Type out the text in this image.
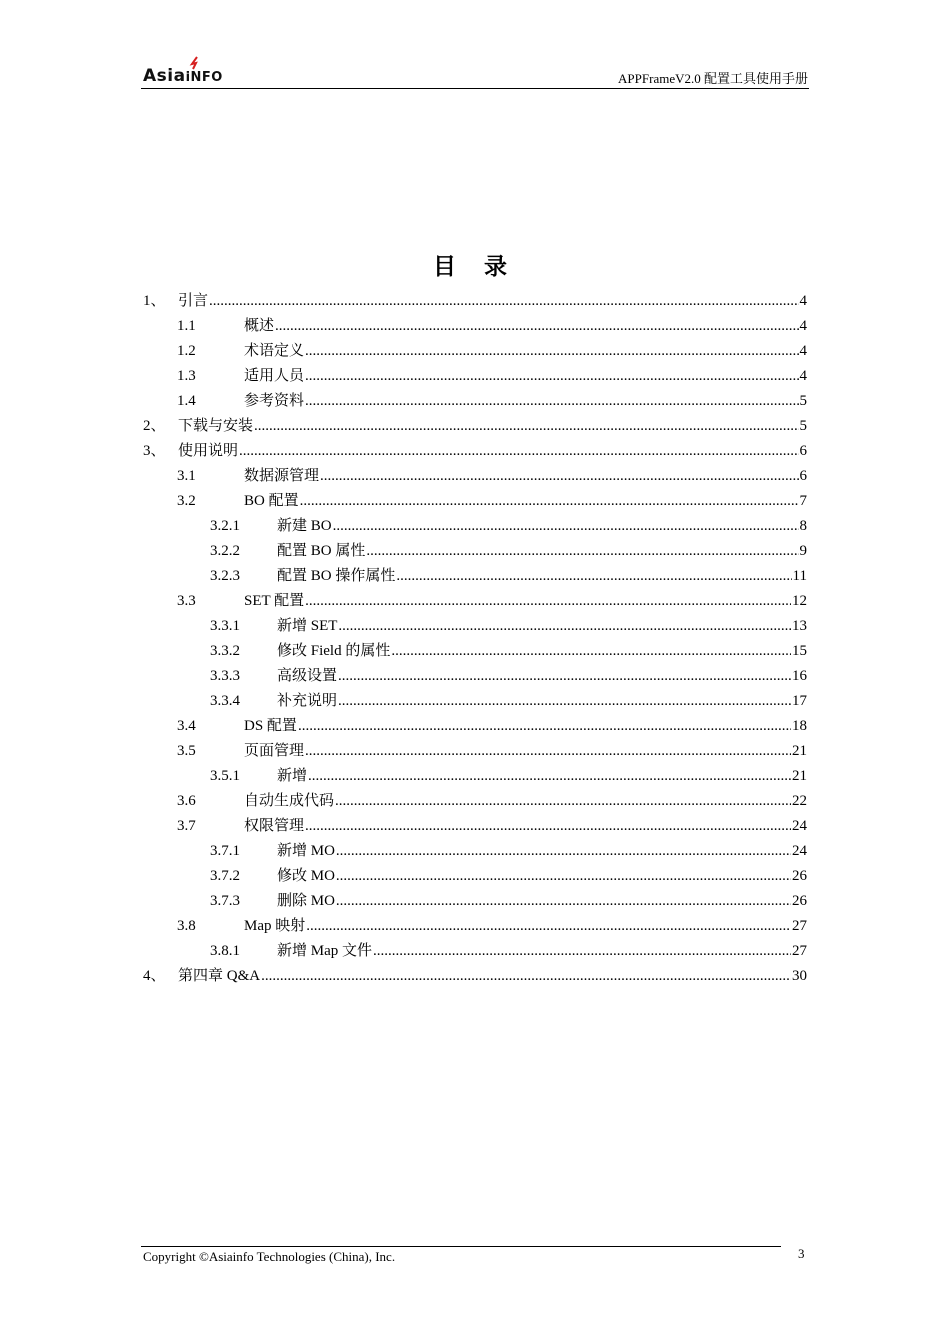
AsiaiNFO	APPFrameV2.0 配置工具使用手册
目 录
1、 引言 .....	4
1.1	概述 .....	4
1.2	术语定义 .....	4
1.3	适用人员 .....	4
1.4	参考资料 .....	5
2、 下载与安装 .....	5
3、 使用说明 .....	6
3.1	数据源管理 .....	6
3.2	BO 配置 .....	7
3.2.1	新建 BO .....	8
3.2.2	配置 BO 属性 .....	9
3.2.3	配置 BO 操作属性 .....	11
3.3	SET 配置 .....	12
3.3.1	新增 SET .....	13
3.3.2	修改 Field 的属性 .....	15
3.3.3	高级设置 .....	16
3.3.4	补充说明 .....	17
3.4	DS 配置 .....	18
3.5	页面管理 .....	21
3.5.1	新增 .....	21
3.6	自动生成代码 .....	22
3.7	权限管理 .....	24
3.7.1	新增 MO .....	24
3.7.2	修改 MO .....	26
3.7.3	删除 MO .....	26
3.8	Map 映射 .....	27
3.8.1	新增 Map 文件 .....	27
4、 第四章 Q&A .....	30
Copyright ©Asiainfo Technologies (China), Inc.	3
